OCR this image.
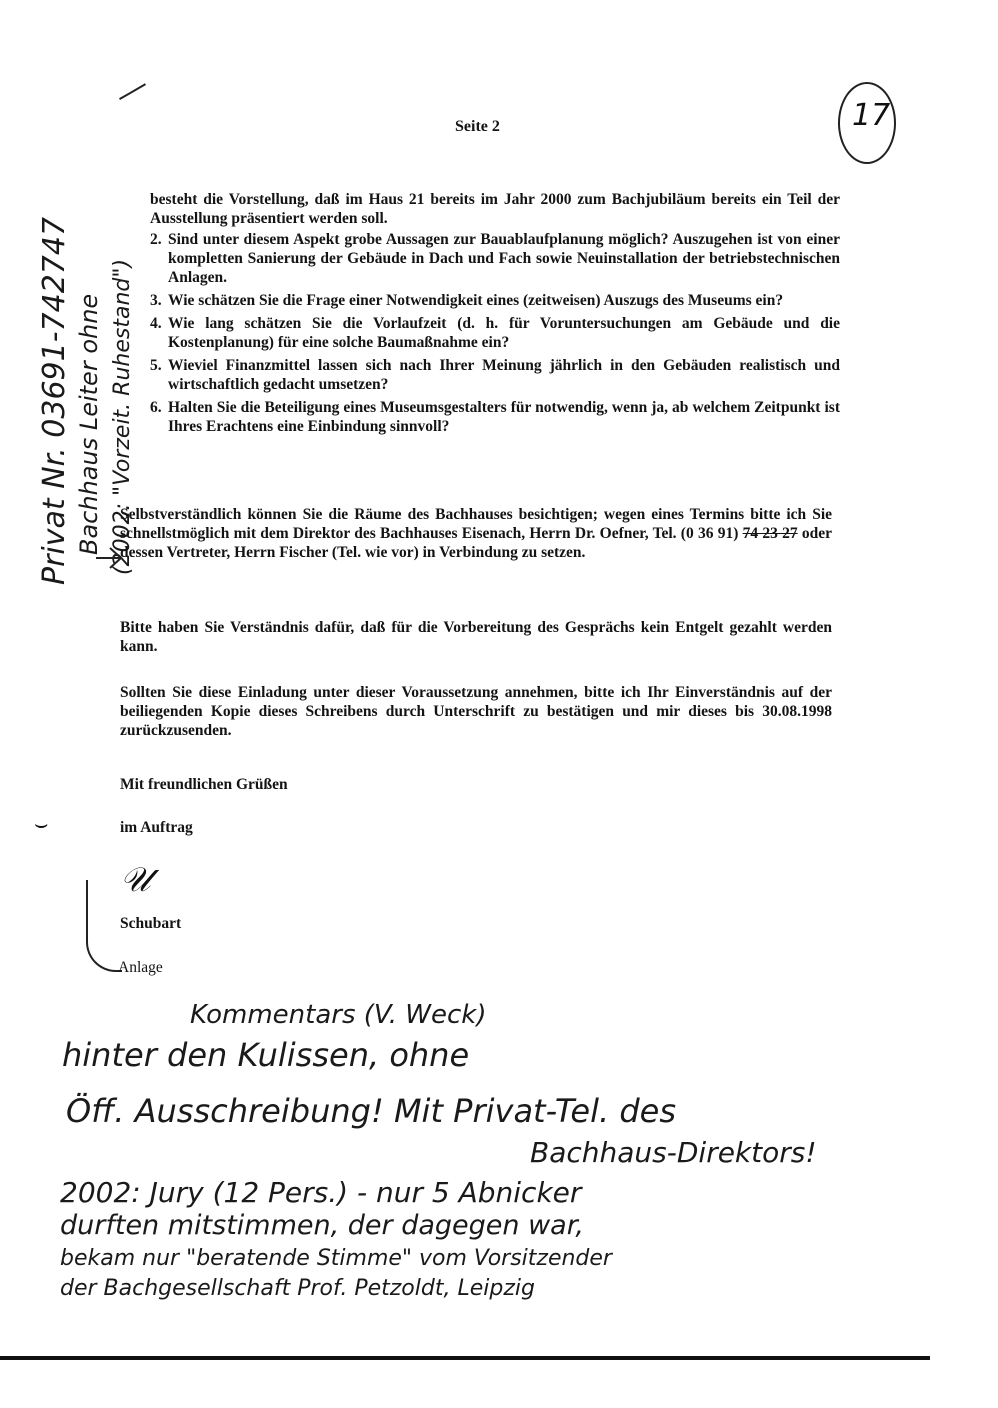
Seite 2	17
Privat Nr. 03691-742747 Bachhaus Leiter ohne (2002: "Vorzeit. Ruhestand")

besteht die Vorstellung, daß im Haus 21 bereits im Jahr 2000 zum Bachjubiläum bereits ein Teil der Ausstellung präsentiert werden soll.

2. Sind unter diesem Aspekt grobe Aussagen zur Bauablaufplanung möglich? Auszugehen ist von einer kompletten Sanierung der Gebäude in Dach und Fach sowie Neuinstallation der betriebstechnischen Anlagen.
3. Wie schätzen Sie die Frage einer Notwendigkeit eines (zeitweisen) Auszugs des Museums ein?
4. Wie lang schätzen Sie die Vorlaufzeit (d. h. für Voruntersuchungen am Gebäude und die Kostenplanung) für eine solche Baumaßnahme ein?
5. Wieviel Finanzmittel lassen sich nach Ihrer Meinung jährlich in den Gebäuden realistisch und wirtschaftlich gedacht umsetzen?
6. Halten Sie die Beteiligung eines Museumsgestalters für notwendig, wenn ja, ab welchem Zeitpunkt ist Ihres Erachtens eine Einbindung sinnvoll?
Selbstverständlich können Sie die Räume des Bachhauses besichtigen; wegen eines Termins bitte ich Sie schnellstmöglich mit dem Direktor des Bachhauses Eisenach, Herrn Dr. Oefner, Tel. (0 36 91) 74 23 27 oder dessen Vertreter, Herrn Fischer (Tel. wie vor) in Verbindung zu setzen.
Bitte haben Sie Verständnis dafür, daß für die Vorbereitung des Gesprächs kein Entgelt gezahlt werden kann.
Sollten Sie diese Einladung unter dieser Voraussetzung annehmen, bitte ich Ihr Einverständnis auf der beiliegenden Kopie dieses Schreibens durch Unterschrift zu bestätigen und mir dieses bis 30.08.1998 zurückzusenden.
Mit freundlichen Grüßen
⌣	im Auftrag
𝒰
Schubart
Anlage
Kommentars (V. Weck)
hinter den Kulissen, ohne
Öff. Ausschreibung! Mit Privat-Tel. des
Bachhaus-Direktors!
2002: Jury (12 Pers.) - nur 5 Abnicker
durften mitstimmen, der dagegen war,
bekam nur "beratende Stimme" vom Vorsitzender
der Bachgesellschaft Prof. Petzoldt, Leipzig
